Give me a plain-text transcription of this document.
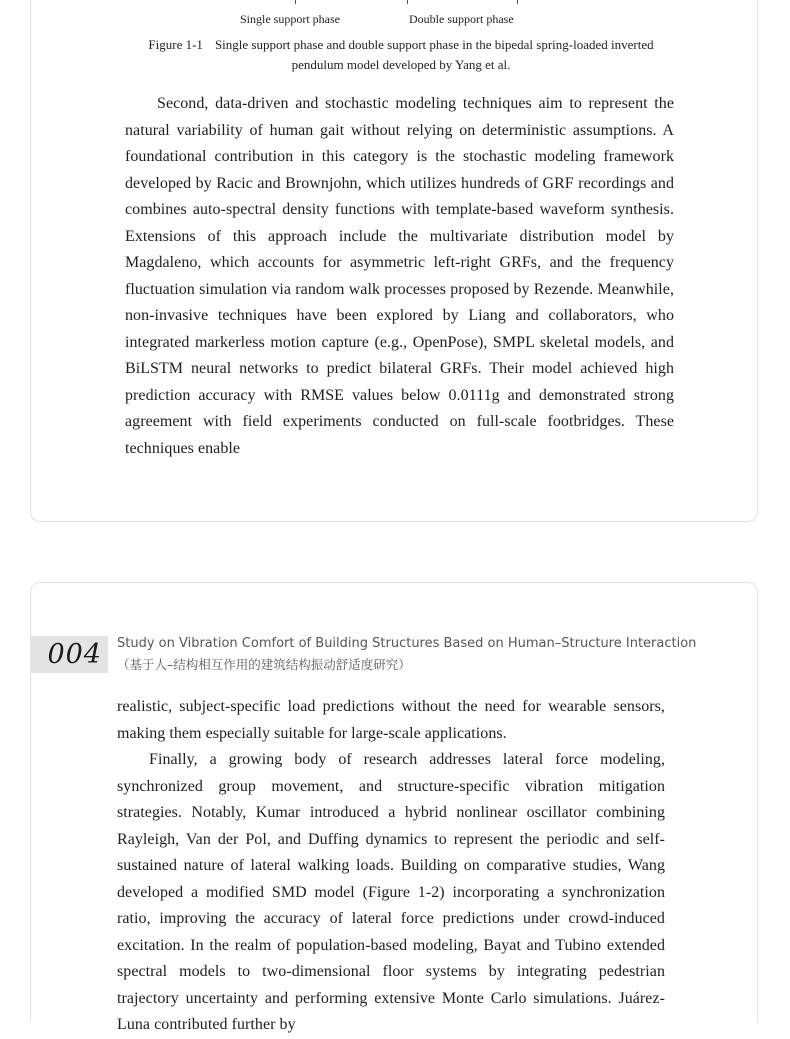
Single support phase	Double support phase
Figure 1-1 Single support phase and double support phase in the bipedal spring-loaded inverted pendulum model developed by Yang et al.

Second, data-driven and stochastic modeling techniques aim to represent the natural variability of human gait without relying on deterministic assumptions. A foundational contribution in this category is the stochastic modeling framework developed by Racic and Brownjohn, which utilizes hundreds of GRF recordings and combines auto-spectral density functions with template-based waveform synthesis. Extensions of this approach include the multivariate distribution model by Magdaleno, which accounts for asymmetric left-right GRFs, and the frequency fluctuation simulation via random walk processes proposed by Rezende. Meanwhile, non-invasive techniques have been explored by Liang and collaborators, who integrated markerless motion capture (e.g., OpenPose), SMPL skeletal models, and BiLSTM neural networks to predict bilateral GRFs. Their model achieved high prediction accuracy with RMSE values below 0.0111g and demonstrated strong agreement with field experiments conducted on full-scale footbridges. These techniques enable

004 Study on Vibration Comfort of Building Structures Based on Human–Structure Interaction
（基于人–结构相互作用的建筑结构振动舒适度研究）

realistic, subject-specific load predictions without the need for wearable sensors, making them especially suitable for large-scale applications.

Finally, a growing body of research addresses lateral force modeling, synchronized group movement, and structure-specific vibration mitigation strategies. Notably, Kumar introduced a hybrid nonlinear oscillator combining Rayleigh, Van der Pol, and Duffing dynamics to represent the periodic and self-sustained nature of lateral walking loads. Building on comparative studies, Wang developed a modified SMD model (Figure 1-2) incorporating a synchronization ratio, improving the accuracy of lateral force predictions under crowd-induced excitation. In the realm of population-based modeling, Bayat and Tubino extended spectral models to two-dimensional floor systems by integrating pedestrian trajectory uncertainty and performing extensive Monte Carlo simulations. Juárez-Luna contributed further by
